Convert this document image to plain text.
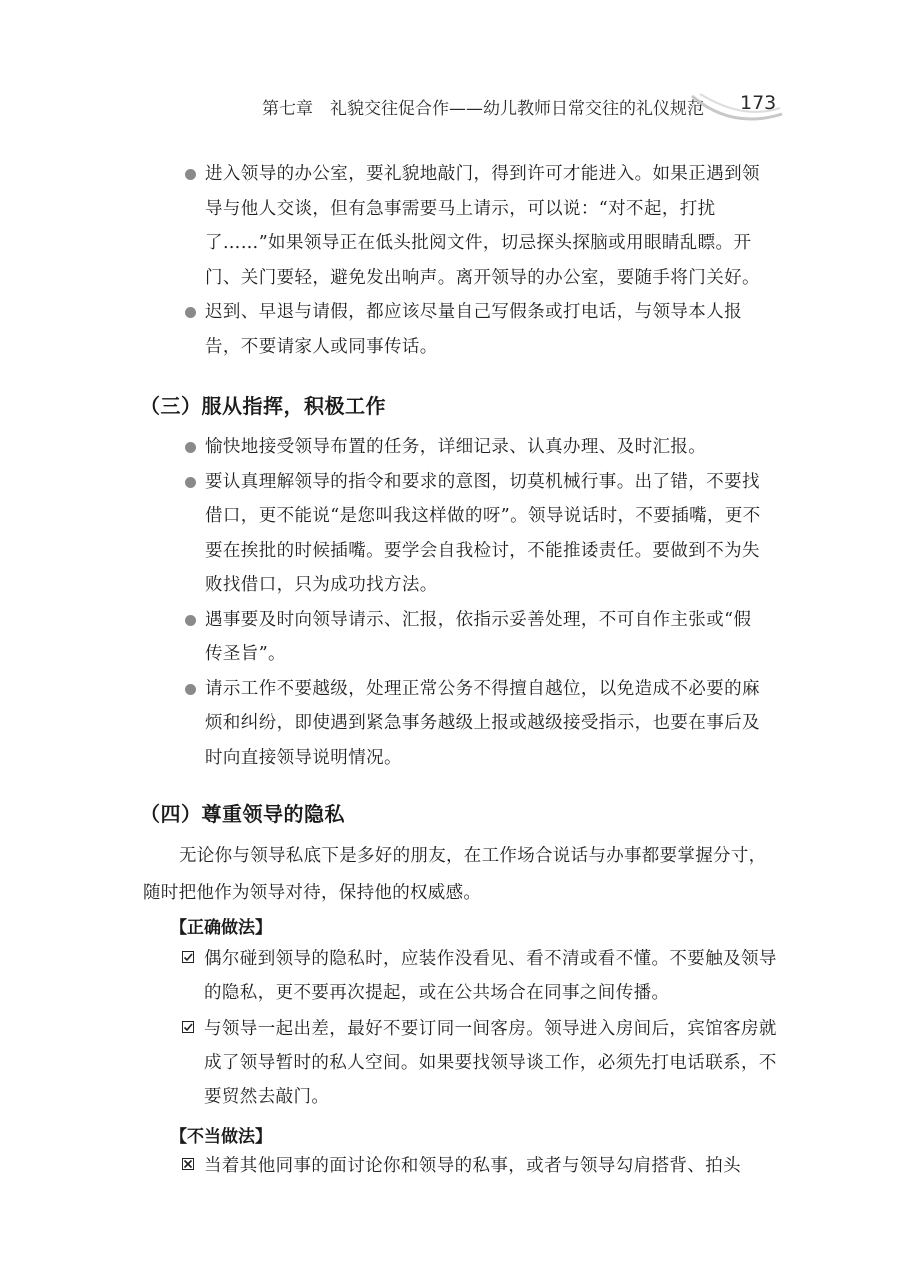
第七章　礼貌交往促合作——幼儿教师日常交往的礼仪规范 173
进入领导的办公室，要礼貌地敲门，得到许可才能进入。如果正遇到领导与他人交谈，但有急事需要马上请示，可以说：“对不起，打扰了……”如果领导正在低头批阅文件，切忌探头探脑或用眼睛乱瞟。开门、关门要轻，避免发出响声。离开领导的办公室，要随手将门关好。
迟到、早退与请假，都应该尽量自己写假条或打电话，与领导本人报告，不要请家人或同事传话。
（三）服从指挥，积极工作
愉快地接受领导布置的任务，详细记录、认真办理、及时汇报。
要认真理解领导的指令和要求的意图，切莫机械行事。出了错，不要找借口，更不能说“是您叫我这样做的呀”。领导说话时，不要插嘴，更不要在挨批的时候插嘴。要学会自我检讨，不能推诿责任。要做到不为失败找借口，只为成功找方法。
遇事要及时向领导请示、汇报，依指示妥善处理，不可自作主张或“假传圣旨”。
请示工作不要越级，处理正常公务不得擅自越位，以免造成不必要的麻烦和纠纷，即使遇到紧急事务越级上报或越级接受指示，也要在事后及时向直接领导说明情况。
（四）尊重领导的隐私

无论你与领导私底下是多好的朋友，在工作场合说话与办事都要掌握分寸，随时把他作为领导对待，保持他的权威感。

【正确做法】
偶尔碰到领导的隐私时，应装作没看见、看不清或看不懂。不要触及领导的隐私，更不要再次提起，或在公共场合在同事之间传播。
与领导一起出差，最好不要订同一间客房。领导进入房间后，宾馆客房就成了领导暂时的私人空间。如果要找领导谈工作，必须先打电话联系，不要贸然去敲门。
【不当做法】
当着其他同事的面讨论你和领导的私事，或者与领导勾肩搭背、拍头
